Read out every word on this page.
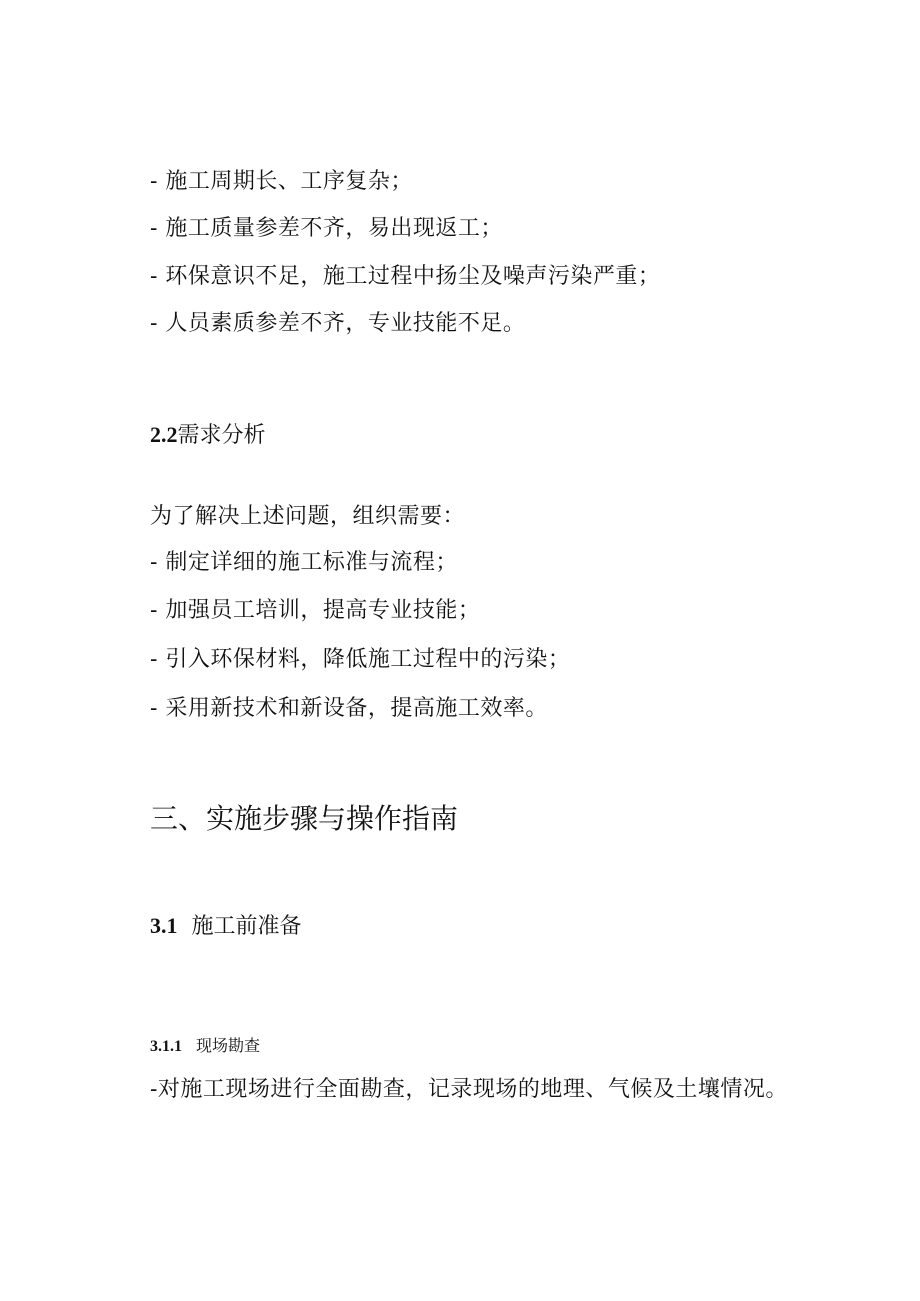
- 施工周期长、工序复杂；
- 施工质量参差不齐，易出现返工；
- 环保意识不足，施工过程中扬尘及噪声污染严重；
- 人员素质参差不齐，专业技能不足。
2.2需求分析
为了解决上述问题，组织需要：
- 制定详细的施工标准与流程；
- 加强员工培训，提高专业技能；
- 引入环保材料，降低施工过程中的污染；
- 采用新技术和新设备，提高施工效率。
三、实施步骤与操作指南
3.1 施工前准备
3.1.1 现场勘查
-对施工现场进行全面勘查，记录现场的地理、气候及土壤情况。
